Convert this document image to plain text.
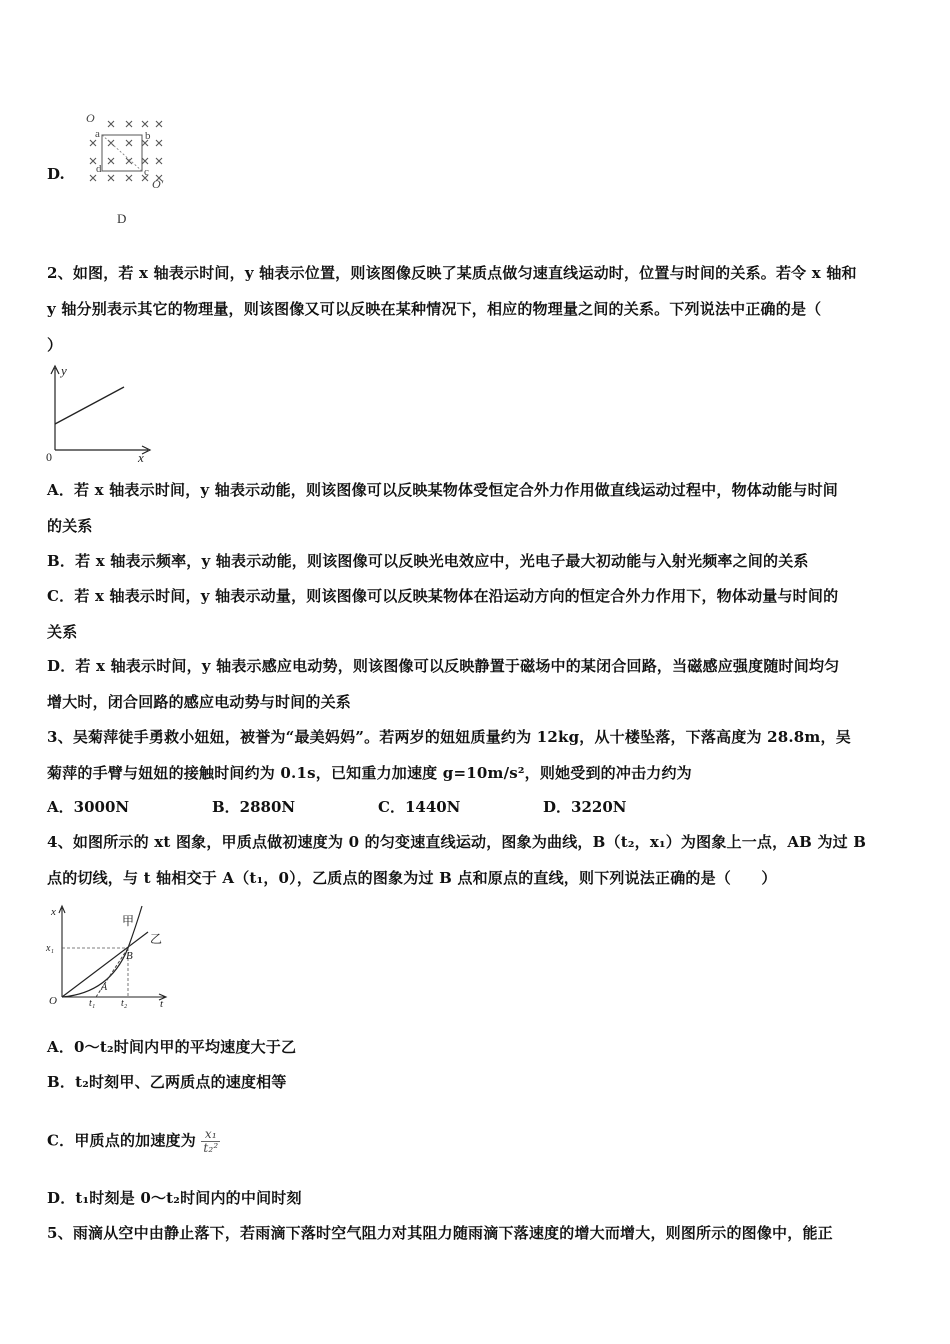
D.
O
b
a
d	c
O′
D
2、如图，若 x 轴表示时间，y 轴表示位置，则该图像反映了某质点做匀速直线运动时，位置与时间的关系。若令 x 轴和
y 轴分别表示其它的物理量，则该图像又可以反映在某种情况下，相应的物理量之间的关系。下列说法中正确的是（
）
y
x
0
A．若 x 轴表示时间，y 轴表示动能，则该图像可以反映某物体受恒定合外力作用做直线运动过程中，物体动能与时间
的关系
B．若 x 轴表示频率，y 轴表示动能，则该图像可以反映光电效应中，光电子最大初动能与入射光频率之间的关系
C．若 x 轴表示时间，y 轴表示动量，则该图像可以反映某物体在沿运动方向的恒定合外力作用下，物体动量与时间的
关系
D．若 x 轴表示时间，y 轴表示感应电动势，则该图像可以反映静置于磁场中的某闭合回路，当磁感应强度随时间均匀
增大时，闭合回路的感应电动势与时间的关系
3、吴菊萍徒手勇救小妞妞，被誉为“最美妈妈”。若两岁的妞妞质量约为 12kg，从十楼坠落，下落高度为 28.8m，吴
菊萍的手臂与妞妞的接触时间约为 0.1s，已知重力加速度 g=10m/s²，则她受到的冲击力约为
A．3000N	B．2880N	C．1440N	D．3220N
4、如图所示的 xt 图象，甲质点做初速度为 0 的匀变速直线运动，图象为曲线，B（t₂，x₁）为图象上一点，AB 为过 B
点的切线，与 t 轴相交于 A（t₁，0），乙质点的图象为过 B 点和原点的直线，则下列说法正确的是（　　）
x
x₁
O	t₁	t₂	t
A
B
甲
乙
A．0～t₂时间内甲的平均速度大于乙
B．t₂时刻甲、乙两质点的速度相等
C．甲质点的加速度为 $\frac{\text{x₁}}{\text{t₂²}}$
D．t₁时刻是 0～t₂时间内的中间时刻
5、雨滴从空中由静止落下，若雨滴下落时空气阻力对其阻力随雨滴下落速度的增大而增大，则图所示的图像中，能正
